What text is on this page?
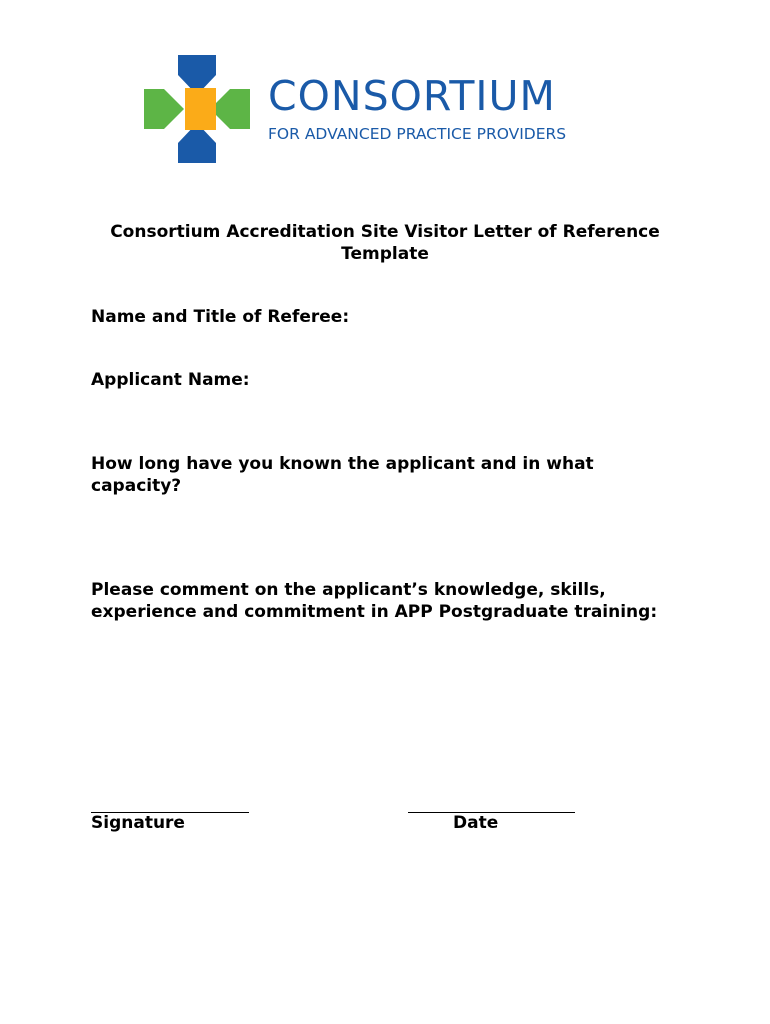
CONSORTIUM
FOR ADVANCED PRACTICE PROVIDERS
Consortium Accreditation Site Visitor Letter of Reference
Template
Name and Title of Referee:
Applicant Name:
How long have you known the applicant and in what
capacity?
Please comment on the applicant’s knowledge, skills,
experience and commitment in APP Postgraduate training:
Signature	Date
